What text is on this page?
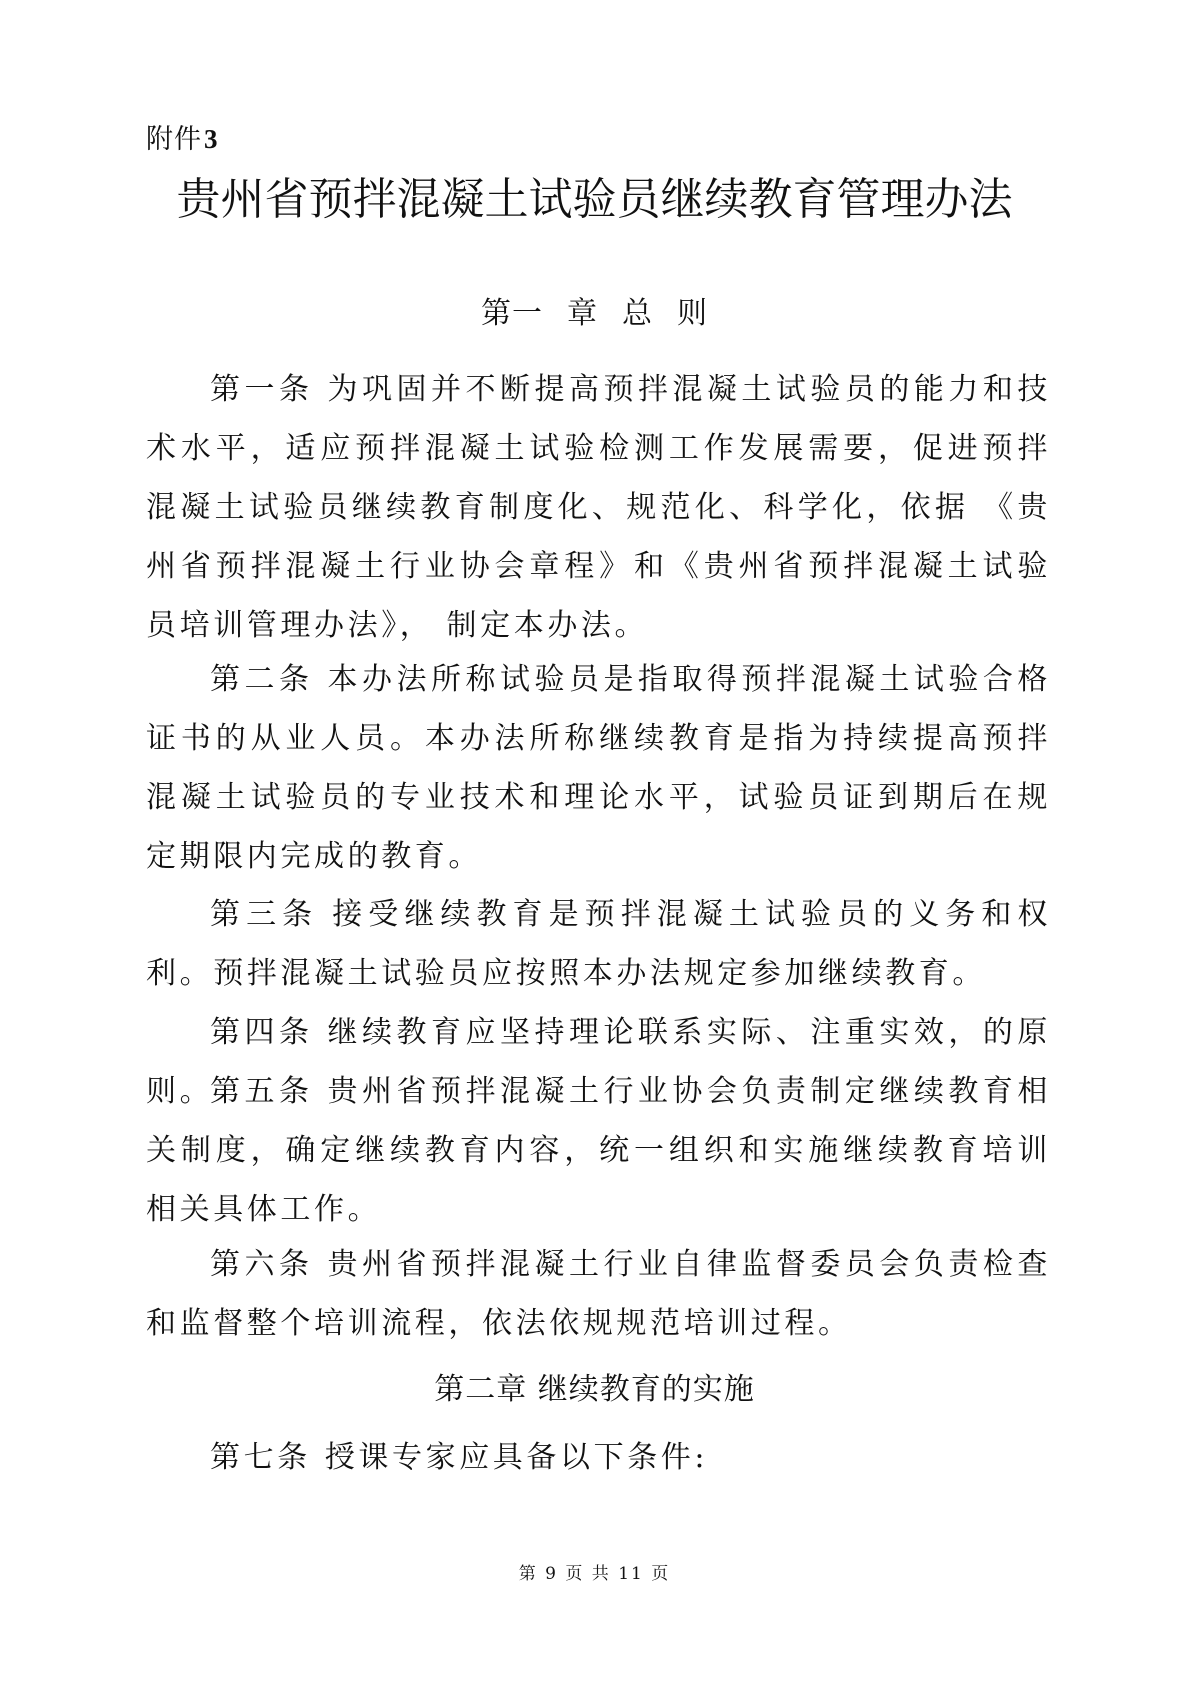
附件3
贵州省预拌混凝土试验员继续教育管理办法
第一 章 总 则

第一条 为巩固并不断提高预拌混凝土试验员的能力和技术水平，适应预拌混凝土试验检测工作发展需要，促进预拌混凝土试验员继续教育制度化、规范化、科学化，依据 《贵州省预拌混凝土行业协会章程》和《贵州省预拌混凝土试验员培训管理办法》， 制定本办法。

第二条 本办法所称试验员是指取得预拌混凝土试验合格证书的从业人员。本办法所称继续教育是指为持续提高预拌混凝土试验员的专业技术和理论水平，试验员证到期后在规定期限内完成的教育。

第三条 接受继续教育是预拌混凝土试验员的义务和权利。预拌混凝土试验员应按照本办法规定参加继续教育。

第四条 继续教育应坚持理论联系实际、注重实效，的原则。

第五条 贵州省预拌混凝土行业协会负责制定继续教育相关制度，确定继续教育内容，统一组织和实施继续教育培训相关具体工作。

第六条 贵州省预拌混凝土行业自律监督委员会负责检查和监督整个培训流程，依法依规规范培训过程。

第二章 继续教育的实施

第七条 授课专家应具备以下条件:

第 9 页 共 11 页
